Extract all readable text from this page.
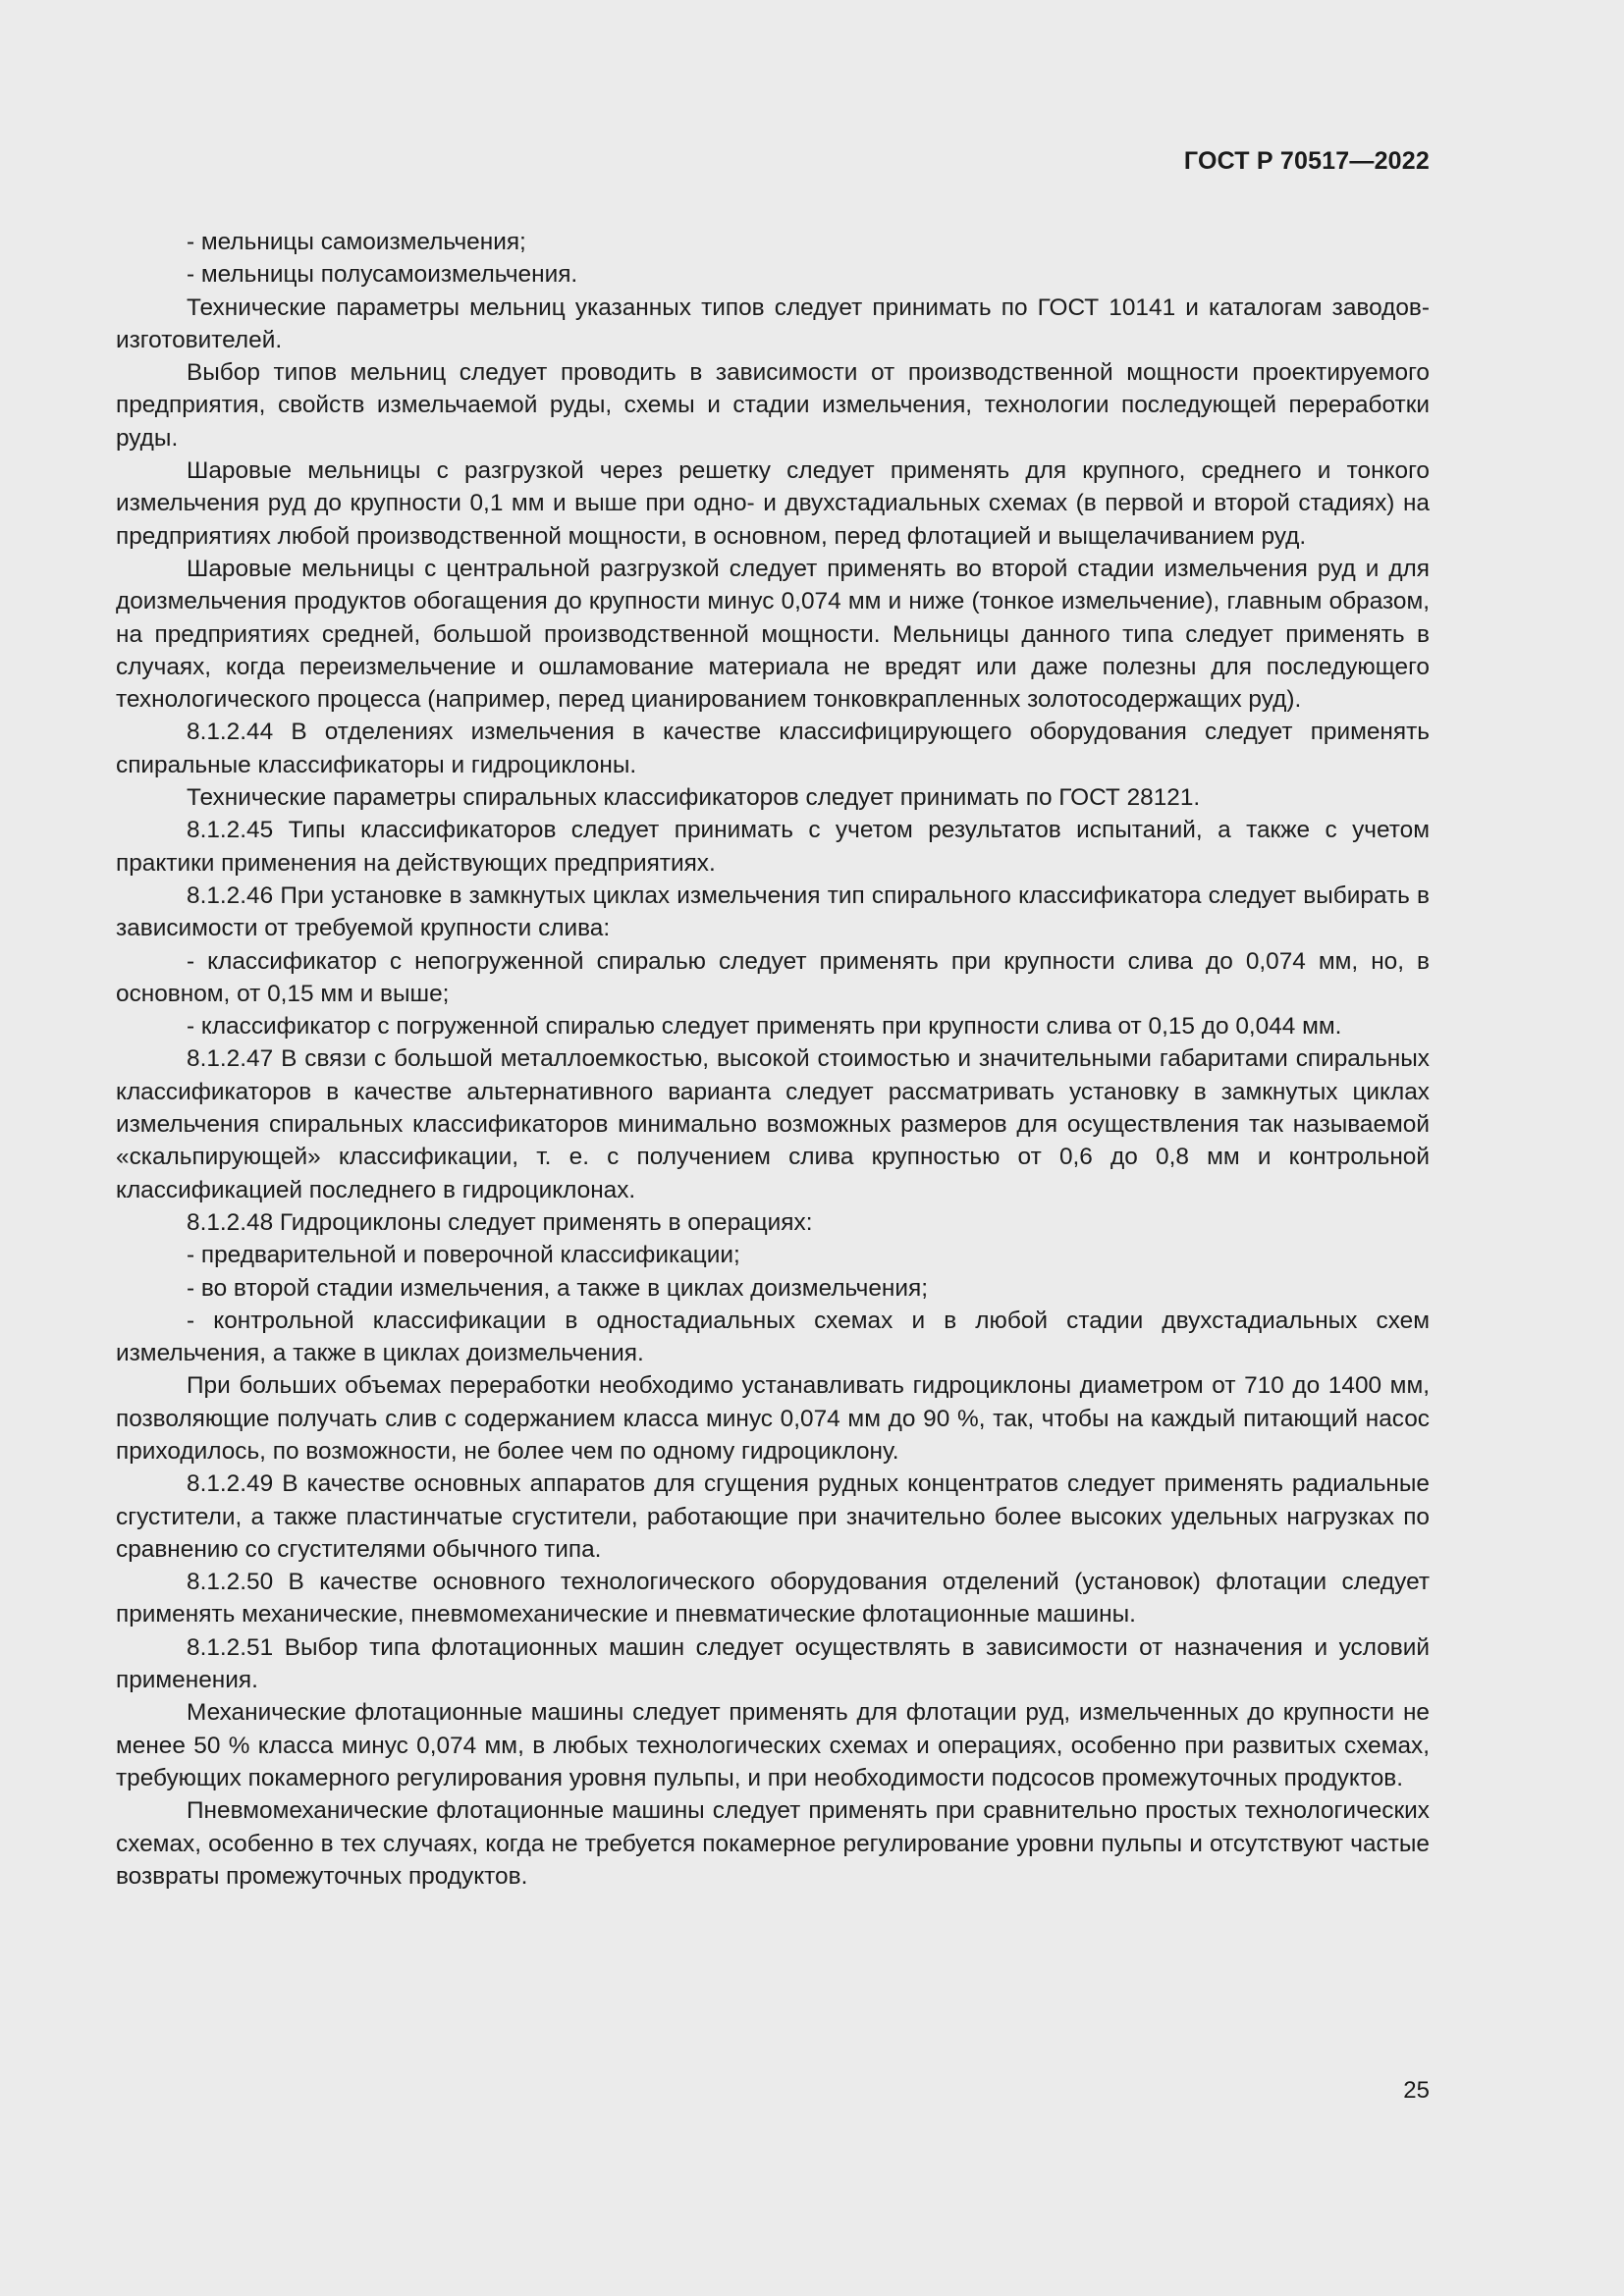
ГОСТ Р 70517—2022

- мельницы самоизмельчения;

- мельницы полусамоизмельчения.

Технические параметры мельниц указанных типов следует принимать по ГОСТ 10141 и каталогам заводов-изготовителей.

Выбор типов мельниц следует проводить в зависимости от производственной мощности проектируемого предприятия, свойств измельчаемой руды, схемы и стадии измельчения, технологии последующей переработки руды.

Шаровые мельницы с разгрузкой через решетку следует применять для крупного, среднего и тонкого измельчения руд до крупности 0,1 мм и выше при одно- и двухстадиальных схемах (в первой и второй стадиях) на предприятиях любой производственной мощности, в основном, перед флотацией и выщелачиванием руд.

Шаровые мельницы с центральной разгрузкой следует применять во второй стадии измельчения руд и для доизмельчения продуктов обогащения до крупности минус 0,074 мм и ниже (тонкое измельчение), главным образом, на предприятиях средней, большой производственной мощности. Мельницы данного типа следует применять в случаях, когда переизмельчение и ошламование материала не вредят или даже полезны для последующего технологического процесса (например, перед цианированием тонковкрапленных золотосодержащих руд).

8.1.2.44 В отделениях измельчения в качестве классифицирующего оборудования следует применять спиральные классификаторы и гидроциклоны.

Технические параметры спиральных классификаторов следует принимать по ГОСТ 28121.

8.1.2.45 Типы классификаторов следует принимать с учетом результатов испытаний, а также с учетом практики применения на действующих предприятиях.

8.1.2.46 При установке в замкнутых циклах измельчения тип спирального классификатора следует выбирать в зависимости от требуемой крупности слива:

- классификатор с непогруженной спиралью следует применять при крупности слива до 0,074 мм, но, в основном, от 0,15 мм и выше;

- классификатор с погруженной спиралью следует применять при крупности слива от 0,15 до 0,044 мм.

8.1.2.47 В связи с большой металлоемкостью, высокой стоимостью и значительными габаритами спиральных классификаторов в качестве альтернативного варианта следует рассматривать установку в замкнутых циклах измельчения спиральных классификаторов минимально возможных размеров для осуществления так называемой «скальпирующей» классификации, т. е. с получением слива крупностью от 0,6 до 0,8 мм и контрольной классификацией последнего в гидроциклонах.

8.1.2.48 Гидроциклоны следует применять в операциях:

- предварительной и поверочной классификации;

- во второй стадии измельчения, а также в циклах доизмельчения;

- контрольной классификации в одностадиальных схемах и в любой стадии двухстадиальных схем измельчения, а также в циклах доизмельчения.

При больших объемах переработки необходимо устанавливать гидроциклоны диаметром от 710 до 1400 мм, позволяющие получать слив с содержанием класса минус 0,074 мм до 90 %, так, чтобы на каждый питающий насос приходилось, по возможности, не более чем по одному гидроциклону.

8.1.2.49 В качестве основных аппаратов для сгущения рудных концентратов следует применять радиальные сгустители, а также пластинчатые сгустители, работающие при значительно более высоких удельных нагрузках по сравнению со сгустителями обычного типа.

8.1.2.50 В качестве основного технологического оборудования отделений (установок) флотации следует применять механические, пневмомеханические и пневматические флотационные машины.

8.1.2.51 Выбор типа флотационных машин следует осуществлять в зависимости от назначения и условий применения.

Механические флотационные машины следует применять для флотации руд, измельченных до крупности не менее 50 % класса минус 0,074 мм, в любых технологических схемах и операциях, особенно при развитых схемах, требующих покамерного регулирования уровня пульпы, и при необходимости подсосов промежуточных продуктов.

Пневмомеханические флотационные машины следует применять при сравнительно простых технологических схемах, особенно в тех случаях, когда не требуется покамерное регулирование уровни пульпы и отсутствуют частые возвраты промежуточных продуктов.

25
